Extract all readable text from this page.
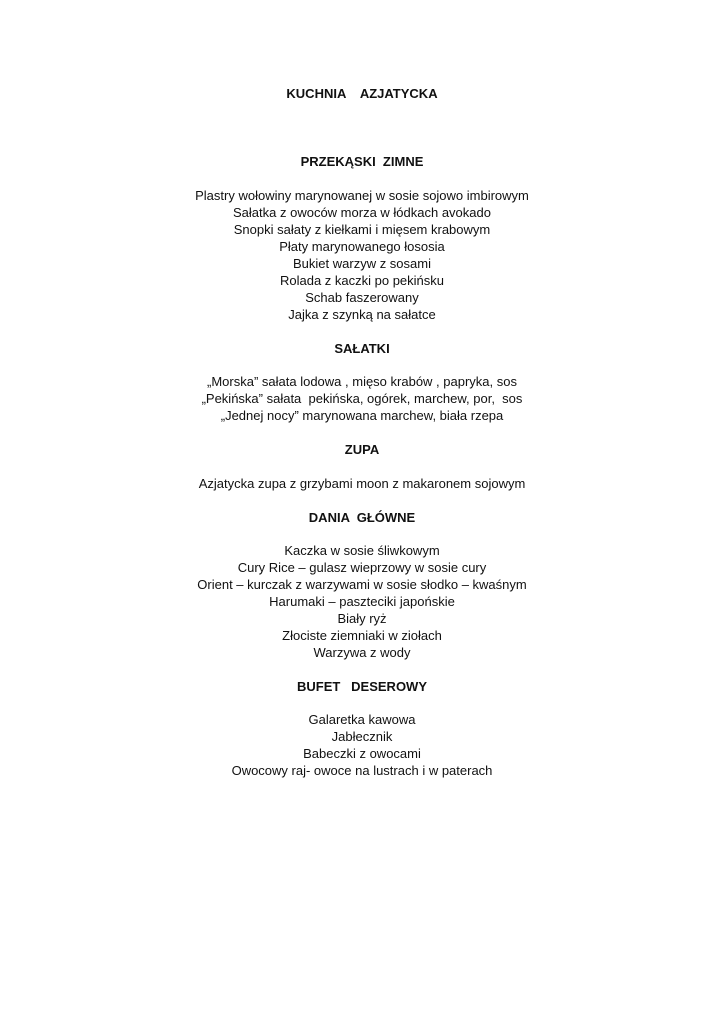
KUCHNIA    AZJATYCKA
PRZEKĄSKI  ZIMNE
Plastry wołowiny marynowanej w sosie sojowo imbirowym
Sałatka z owoców morza w łódkach avokado
Snopki sałaty z kiełkami i mięsem krabowym
Płaty marynowanego łososia
Bukiet warzyw z sosami
Rolada z kaczki po pekińsku
Schab faszerowany
Jajka z szynką na sałatce
SAŁATKI
„Morska” sałata lodowa , mięso krabów , papryka, sos
„Pekińska” sałata  pekińska, ogórek, marchew, por,  sos
„Jednej nocy” marynowana marchew, biała rzepa
ZUPA
Azjatycka zupa z grzybami moon z makaronem sojowym
DANIA  GŁÓWNE
Kaczka w sosie śliwkowym
Cury Rice – gulasz wieprzowy w sosie cury
Orient – kurczak z warzywami w sosie słodko – kwaśnym
Harumaki – paszteciki japońskie
Biały ryż
Złociste ziemniaki w ziołach
Warzywa z wody
BUFET   DESEROWY
Galaretka kawowa
Jabłecznik
Babeczki z owocami
Owocowy raj- owoce na lustrach i w paterach
